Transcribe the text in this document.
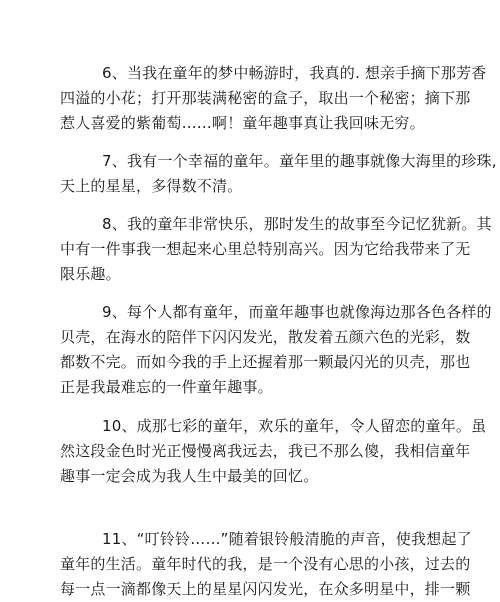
6、当我在童年的梦中畅游时，我真的. 想亲手摘下那芳香
四溢的小花；打开那装满秘密的盒子，取出一个秘密；摘下那
惹人喜爱的紫葡萄……啊！童年趣事真让我回味无穷。
7、我有一个幸福的童年。童年里的趣事就像大海里的珍珠,
天上的星星，多得数不清。
8、我的童年非常快乐，那时发生的故事至今记忆犹新。其
中有一件事我一想起来心里总特别高兴。因为它给我带来了无
限乐趣。
9、每个人都有童年，而童年趣事也就像海边那各色各样的
贝壳，在海水的陪伴下闪闪发光，散发着五颜六色的光彩，数
都数不完。而如今我的手上还握着那一颗最闪光的贝壳，那也
正是我最难忘的一件童年趣事。
10、成那七彩的童年，欢乐的童年，令人留恋的童年。虽
然这段金色时光正慢慢离我远去，我已不那么傻，我相信童年
趣事一定会成为我人生中最美的回忆。
11、“叮铃铃……”随着银铃般清脆的声音，使我想起了
童年的生活。童年时代的我，是一个没有心思的小孩，过去的
每一点一滴都像天上的星星闪闪发光，在众多明星中，排一颗
